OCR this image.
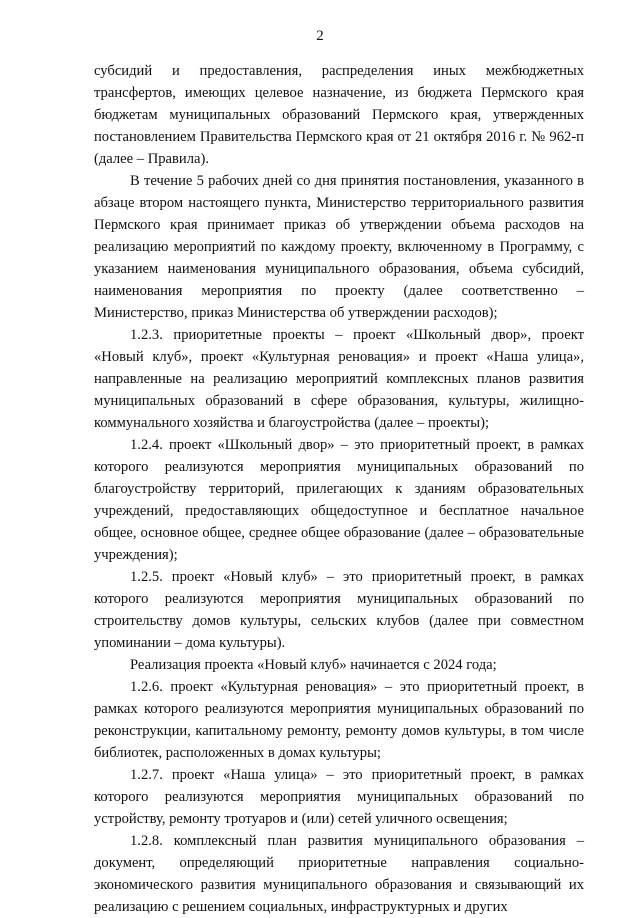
2

субсидий и предоставления, распределения иных межбюджетных трансфертов, имеющих целевое назначение, из бюджета Пермского края бюджетам муниципальных образований Пермского края, утвержденных постановлением Правительства Пермского края от 21 октября 2016 г. № 962-п (далее – Правила).

В течение 5 рабочих дней со дня принятия постановления, указанного в абзаце втором настоящего пункта, Министерство территориального развития Пермского края принимает приказ об утверждении объема расходов на реализацию мероприятий по каждому проекту, включенному в Программу, с указанием наименования муниципального образования, объема субсидий, наименования мероприятия по проекту (далее соответственно – Министерство, приказ Министерства об утверждении расходов);

1.2.3. приоритетные проекты – проект «Школьный двор», проект «Новый клуб», проект «Культурная реновация» и проект «Наша улица», направленные на реализацию мероприятий комплексных планов развития муниципальных образований в сфере образования, культуры, жилищно-коммунального хозяйства и благоустройства (далее – проекты);

1.2.4. проект «Школьный двор» – это приоритетный проект, в рамках которого реализуются мероприятия муниципальных образований по благоустройству территорий, прилегающих к зданиям образовательных учреждений, предоставляющих общедоступное и бесплатное начальное общее, основное общее, среднее общее образование (далее – образовательные учреждения);

1.2.5. проект «Новый клуб» – это приоритетный проект, в рамках которого реализуются мероприятия муниципальных образований по строительству домов культуры, сельских клубов (далее при совместном упоминании – дома культуры).

Реализация проекта «Новый клуб» начинается с 2024 года;

1.2.6. проект «Культурная реновация» – это приоритетный проект, в рамках которого реализуются мероприятия муниципальных образований по реконструкции, капитальному ремонту, ремонту домов культуры, в том числе библиотек, расположенных в домах культуры;

1.2.7. проект «Наша улица» – это приоритетный проект, в рамках которого реализуются мероприятия муниципальных образований по устройству, ремонту тротуаров и (или) сетей уличного освещения;

1.2.8. комплексный план развития муниципального образования – документ, определяющий приоритетные направления социально-экономического развития муниципального образования и связывающий их реализацию с решением социальных, инфраструктурных и других
